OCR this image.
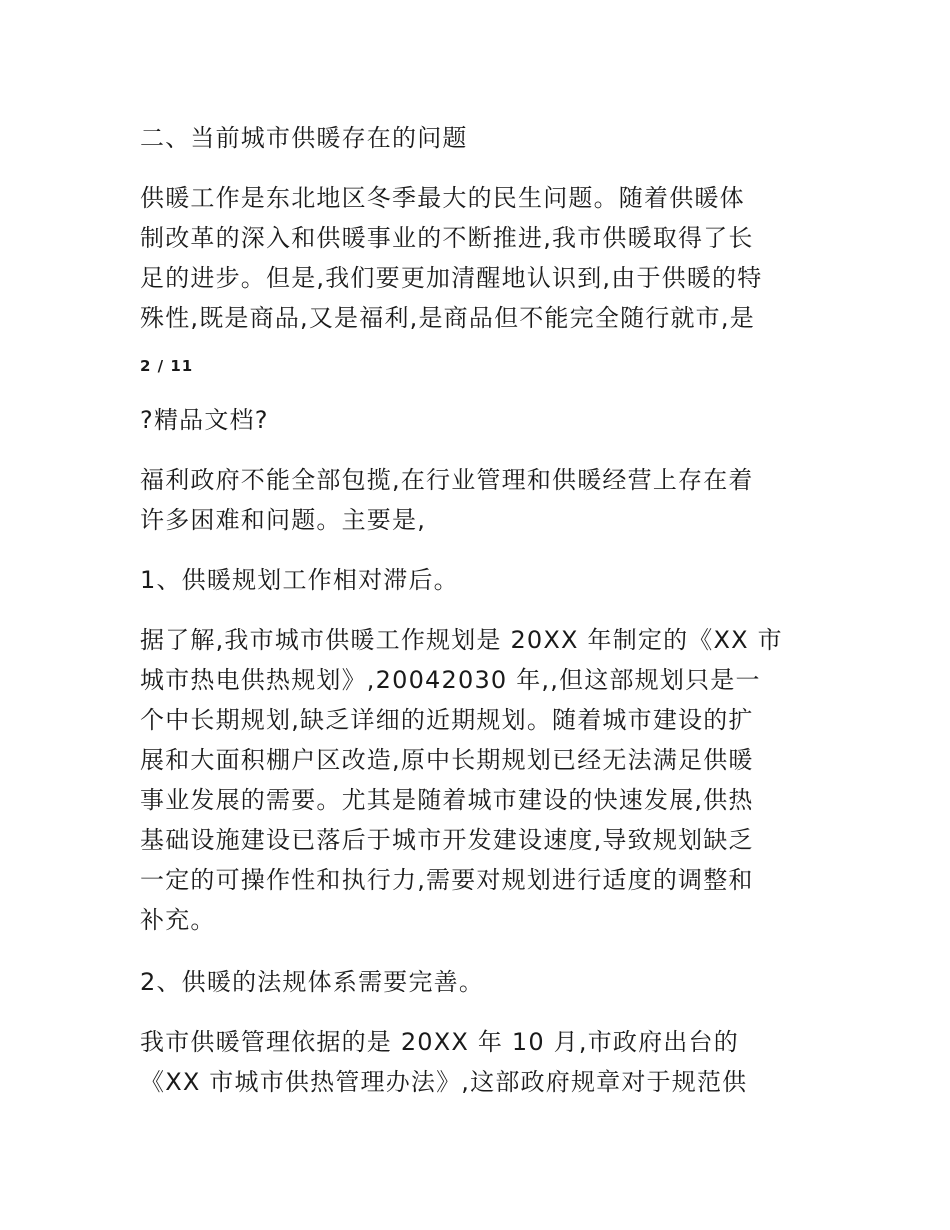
二、当前城市供暖存在的问题

供暖工作是东北地区冬季最大的民生问题。随着供暖体
制改革的深入和供暖事业的不断推进,我市供暖取得了长
足的进步。但是,我们要更加清醒地认识到,由于供暖的特
殊性,既是商品,又是福利,是商品但不能完全随行就市,是

2 / 11

?精品文档?

福利政府不能全部包揽,在行业管理和供暖经营上存在着
许多困难和问题。主要是,

1、供暖规划工作相对滞后。

据了解,我市城市供暖工作规划是 20XX 年制定的《XX 市
城市热电供热规划》,20042030 年,,但这部规划只是一
个中长期规划,缺乏详细的近期规划。随着城市建设的扩
展和大面积棚户区改造,原中长期规划已经无法满足供暖
事业发展的需要。尤其是随着城市建设的快速发展,供热
基础设施建设已落后于城市开发建设速度,导致规划缺乏
一定的可操作性和执行力,需要对规划进行适度的调整和
补充。

2、供暖的法规体系需要完善。

我市供暖管理依据的是 20XX 年 10 月,市政府出台的
《XX 市城市供热管理办法》,这部政府规章对于规范供
